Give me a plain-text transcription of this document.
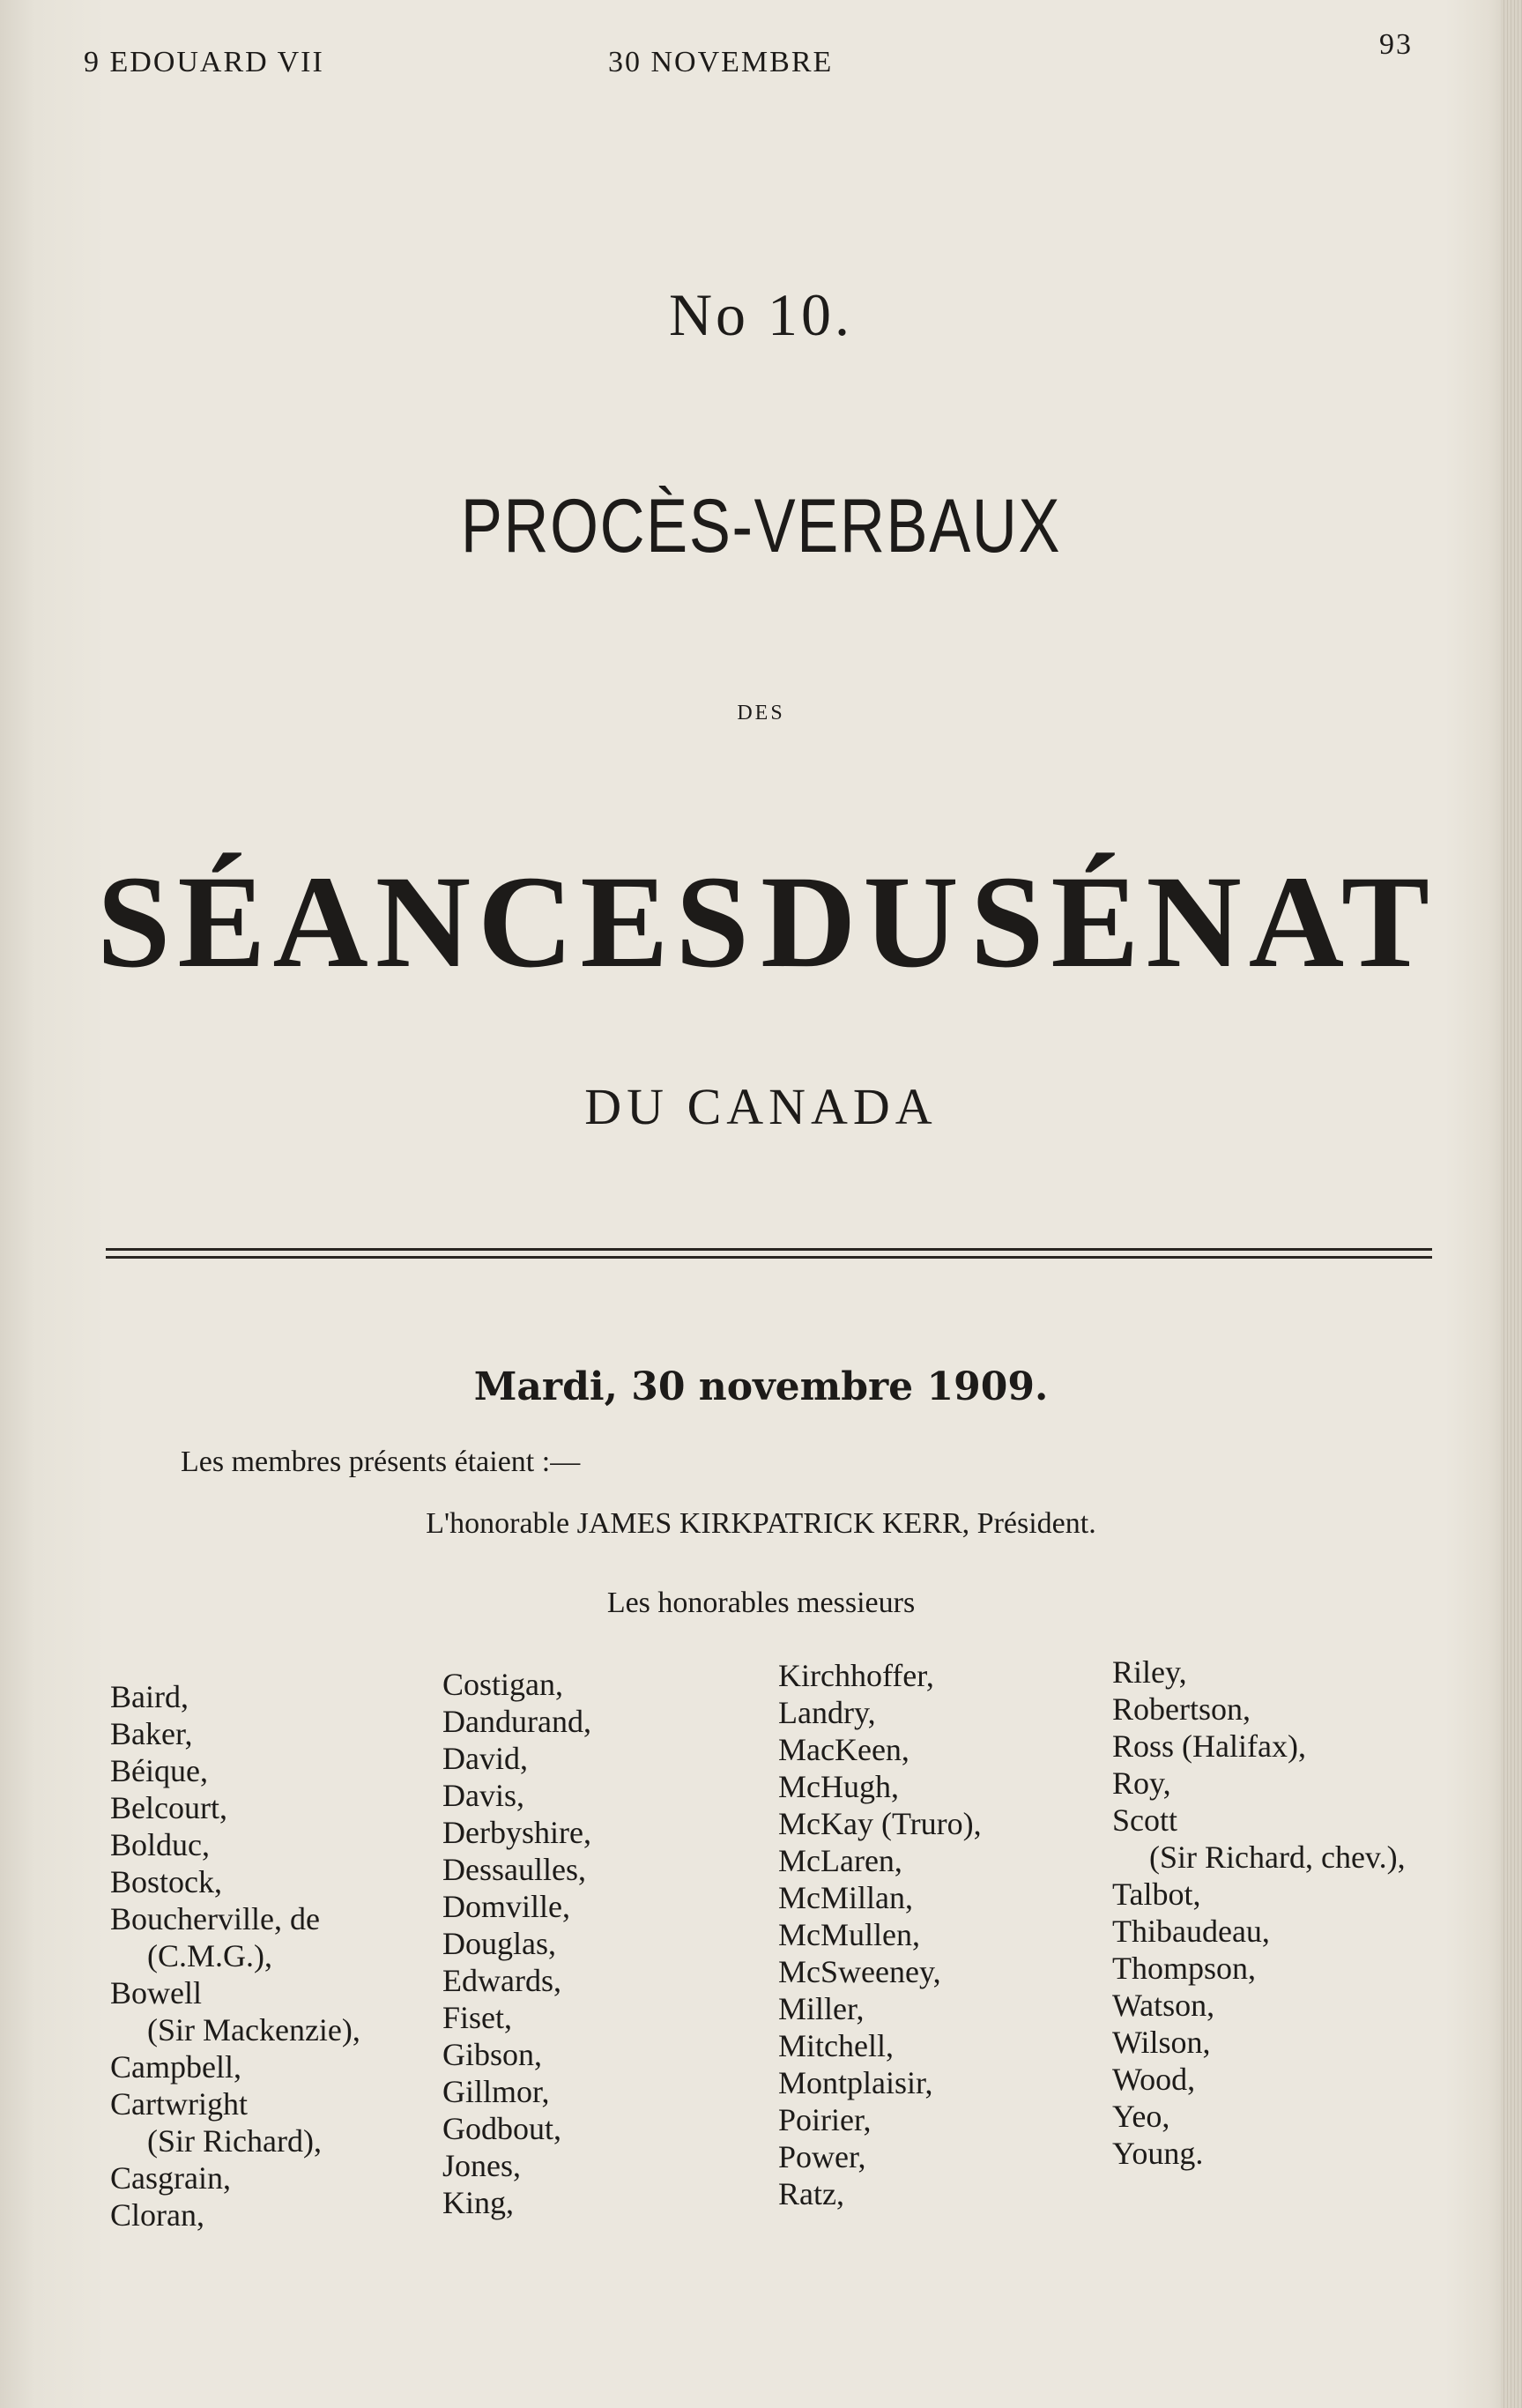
9 EDOUARD VII	30 NOVEMBRE
93
No 10.
PROCÈS-VERBAUX
DES
SÉANCES DU SÉNAT
DU CANADA
Mardi, 30 novembre 1909.
Les membres présents étaient :—
L'honorable JAMES KIRKPATRICK KERR, Président.
Les honorables messieurs
Baird,
Baker,
Béique,
Belcourt,
Bolduc,
Bostock,
Boucherville, de
(C.M.G.),
Bowell
(Sir Mackenzie),
Campbell,
Cartwright
(Sir Richard),
Casgrain,
Cloran,
Costigan,
Dandurand,
David,
Davis,
Derbyshire,
Dessaulles,
Domville,
Douglas,
Edwards,
Fiset,
Gibson,
Gillmor,
Godbout,
Jones,
King,
Kirchhoffer,
Landry,
MacKeen,
McHugh,
McKay (Truro),
McLaren,
McMillan,
McMullen,
McSweeney,
Miller,
Mitchell,
Montplaisir,
Poirier,
Power,
Ratz,
Riley,
Robertson,
Ross (Halifax),
Roy,
Scott
(Sir Richard, chev.),
Talbot,
Thibaudeau,
Thompson,
Watson,
Wilson,
Wood,
Yeo,
Young.
